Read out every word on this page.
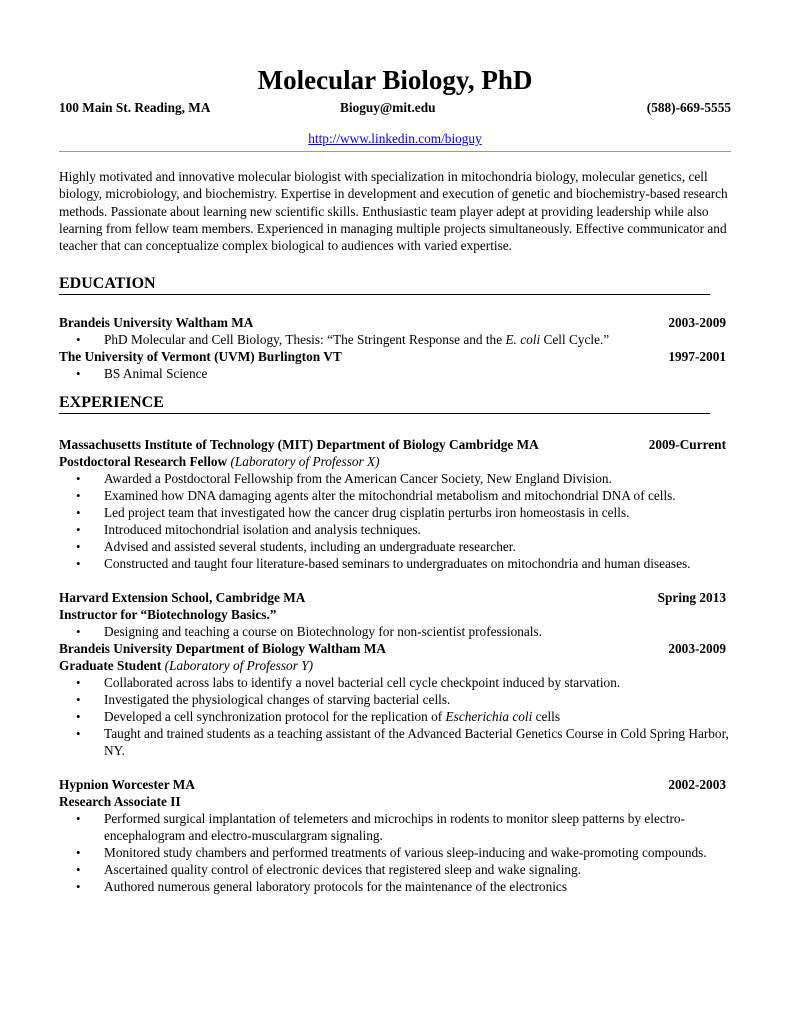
Molecular Biology, PhD
100 Main St. Reading, MA	Bioguy@mit.edu	(588)-669-5555
http://www.linkedin.com/bioguy
Highly motivated and innovative molecular biologist with specialization in mitochondria biology, molecular genetics, cell biology, microbiology, and biochemistry. Expertise in development and execution of genetic and biochemistry-based research methods. Passionate about learning new scientific skills. Enthusiastic team player adept at providing leadership while also learning from fellow team members. Experienced in managing multiple projects simultaneously. Effective communicator and teacher that can conceptualize complex biological to audiences with varied expertise.
EDUCATION
Brandeis University Waltham MA	2003-2009
• PhD Molecular and Cell Biology, Thesis: “The Stringent Response and the E. coli Cell Cycle.”
The University of Vermont (UVM) Burlington VT	1997-2001
• BS Animal Science
EXPERIENCE
Massachusetts Institute of Technology (MIT) Department of Biology Cambridge MA	2009-Current
Postdoctoral Research Fellow (Laboratory of Professor X)
• Awarded a Postdoctoral Fellowship from the American Cancer Society, New England Division.
• Examined how DNA damaging agents alter the mitochondrial metabolism and mitochondrial DNA of cells.
• Led project team that investigated how the cancer drug cisplatin perturbs iron homeostasis in cells.
• Introduced mitochondrial isolation and analysis techniques.
• Advised and assisted several students, including an undergraduate researcher.
• Constructed and taught four literature-based seminars to undergraduates on mitochondria and human diseases.
Harvard Extension School, Cambridge MA	Spring 2013
Instructor for “Biotechnology Basics.”
• Designing and teaching a course on Biotechnology for non-scientist professionals.
Brandeis University Department of Biology Waltham MA	2003-2009
Graduate Student (Laboratory of Professor Y)
• Collaborated across labs to identify a novel bacterial cell cycle checkpoint induced by starvation.
• Investigated the physiological changes of starving bacterial cells.
• Developed a cell synchronization protocol for the replication of Escherichia coli cells
• Taught and trained students as a teaching assistant of the Advanced Bacterial Genetics Course in Cold Spring Harbor, NY.
Hypnion Worcester MA	2002-2003
Research Associate II
• Performed surgical implantation of telemeters and microchips in rodents to monitor sleep patterns by electro-encephalogram and electro-musculargram signaling.
• Monitored study chambers and performed treatments of various sleep-inducing and wake-promoting compounds.
• Ascertained quality control of electronic devices that registered sleep and wake signaling.
• Authored numerous general laboratory protocols for the maintenance of the electronics
